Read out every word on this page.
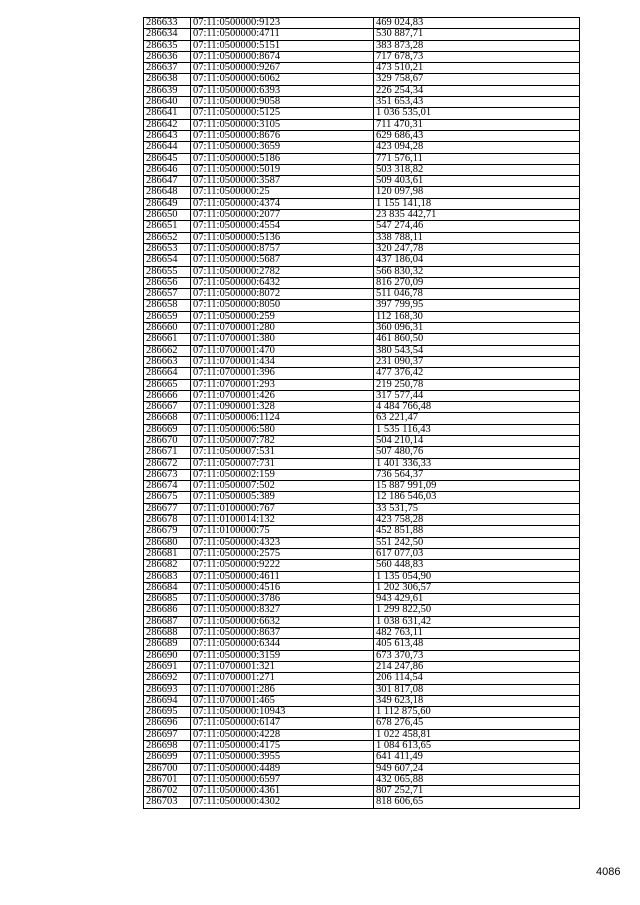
286633	07:11:0500000:9123	469 024,83
286634	07:11:0500000:4711	530 887,71
286635	07:11:0500000:5151	383 873,28
286636	07:11:0500000:8674	717 678,73
286637	07:11:0500000:9267	473 510,21
286638	07:11:0500000:6062	329 758,67
286639	07:11:0500000:6393	226 254,34
286640	07:11:0500000:9058	351 653,43
286641	07:11:0500000:5125	1 036 535,01
286642	07:11:0500000:3105	711 470,31
286643	07:11:0500000:8676	629 686,43
286644	07:11:0500000:3659	423 094,28
286645	07:11:0500000:5186	771 576,11
286646	07:11:0500000:5019	503 318,82
286647	07:11:0500000:3587	509 403,61
286648	07:11:0500000:25	120 097,98
286649	07:11:0500000:4374	1 155 141,18
286650	07:11:0500000:2077	23 835 442,71
286651	07:11:0500000:4554	547 274,46
286652	07:11:0500000:5136	338 788,11
286653	07:11:0500000:8757	320 247,78
286654	07:11:0500000:5687	437 186,04
286655	07:11:0500000:2782	566 830,32
286656	07:11:0500000:6432	816 270,09
286657	07:11:0500000:8072	511 046,78
286658	07:11:0500000:8050	397 799,95
286659	07:11:0500000:259	112 168,30
286660	07:11:0700001:280	360 096,31
286661	07:11:0700001:380	461 860,50
286662	07:11:0700001:470	380 543,54
286663	07:11:0700001:434	231 090,37
286664	07:11:0700001:396	477 376,42
286665	07:11:0700001:293	219 250,78
286666	07:11:0700001:426	317 577,44
286667	07:11:0900001:328	4 484 766,48
286668	07:11:0500006:1124	63 221,47
286669	07:11:0500006:580	1 535 116,43
286670	07:11:0500007:782	504 210,14
286671	07:11:0500007:531	507 480,76
286672	07:11:0500007:731	1 401 336,33
286673	07:11:0500002:159	736 564,37
286674	07:11:0500007:502	15 887 991,09
286675	07:11:0500005:389	12 186 546,03
286677	07:11:0100000:767	33 531,75
286678	07:11:0100014:132	423 758,28
286679	07:11:0100000:75	452 851,88
286680	07:11:0500000:4323	551 242,50
286681	07:11:0500000:2575	617 077,03
286682	07:11:0500000:9222	560 448,83
286683	07:11:0500000:4611	1 135 054,90
286684	07:11:0500000:4516	1 202 306,57
286685	07:11:0500000:3786	943 429,61
286686	07:11:0500000:8327	1 299 822,50
286687	07:11:0500000:6632	1 038 631,42
286688	07:11:0500000:8637	482 763,11
286689	07:11:0500000:6344	405 613,48
286690	07:11:0500000:3159	673 370,73
286691	07:11:0700001:321	214 247,86
286692	07:11:0700001:271	206 114,54
286693	07:11:0700001:286	301 817,08
286694	07:11:0700001:465	349 623,18
286695	07:11:0500000:10943	1 112 875,60
286696	07:11:0500000:6147	678 276,45
286697	07:11:0500000:4228	1 022 458,81
286698	07:11:0500000:4175	1 084 613,65
286699	07:11:0500000:3955	641 411,49
286700	07:11:0500000:4489	949 607,24
286701	07:11:0500000:6597	432 065,88
286702	07:11:0500000:4361	807 252,71
286703	07:11:0500000:4302	818 606,65
4086
